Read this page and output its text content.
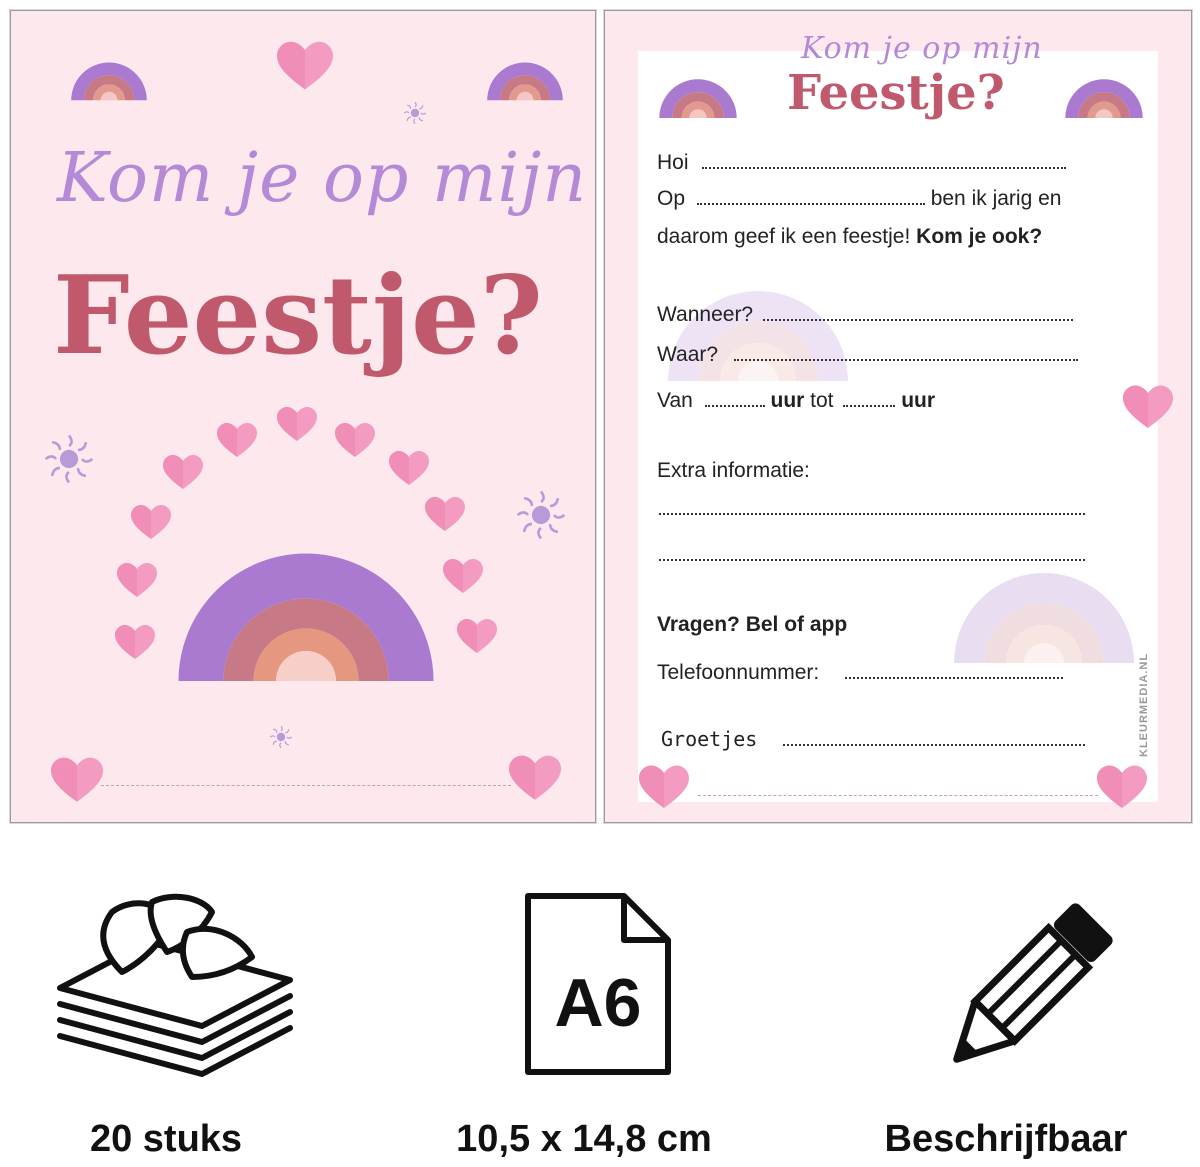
Kom je op mijn
Feestje?
Hoi
Op	ben ik jarig en
daarom geef ik een feestje! Kom je ook?
Wanneer?
Waar?
Van	uur tot	uur
Extra informatie:
Vragen? Bel of app
Telefoonnummer:
Groetjes	KLEURMEDIA.NL
Kom je op mijn
Feestje?
A6
20 stuks	10,5 x 14,8 cm	Beschrijfbaar
